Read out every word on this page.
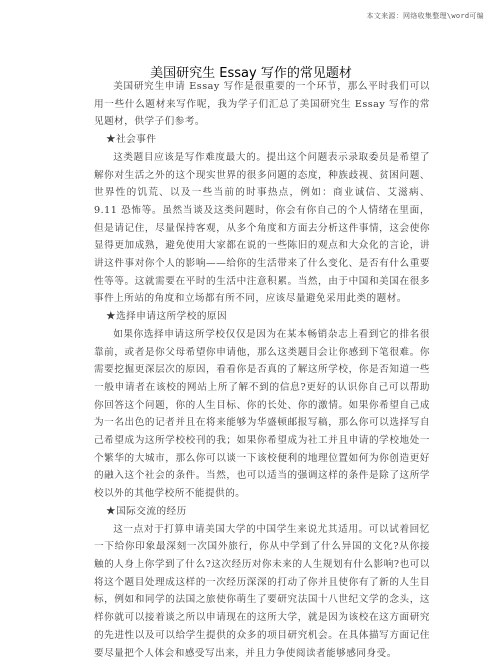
本文来源：网络收集整理\word可编
美国研究生 Essay 写作的常见题材

美国研究生申请 Essay 写作是很重要的一个环节，那么平时我们可以用一些什么题材来写作呢，我为学子们汇总了美国研究生 Essay 写作的常见题材，供学子们参考。

★社会事件

这类题目应该是写作难度最大的。提出这个问题表示录取委员是希望了解你对生活之外的这个现实世界的很多问题的态度，种族歧视、贫困问题、世界性的饥荒、以及一些当前的时事热点，例如：商业诚信、艾滋病、9.11 恐怖等。虽然当谈及这类问题时，你会有你自己的个人情绪在里面，但是请记住，尽量保持客观，从多个角度和方面去分析这件事情，这会使你显得更加成熟，避免使用大家都在说的一些陈旧的观点和大众化的言论，讲讲这件事对你个人的影响——给你的生活带来了什么变化、是否有什么重要性等等。这就需要在平时的生活中注意积累。当然，由于中国和美国在很多事件上所站的角度和立场都有所不同，应该尽量避免采用此类的题材。

★选择申请这所学校的原因

如果你选择申请这所学校仅仅是因为在某本畅销杂志上看到它的排名很靠前，或者是你父母希望你申请他，那么这类题目会让你感到下笔很难。你需要挖掘更深层次的原因，看看你是否真的了解这所学校，你是否知道一些一般申请者在该校的网站上所了解不到的信息?更好的认识你自己可以帮助你回答这个问题，你的人生目标、你的长处、你的激情。如果你希望自己成为一名出色的记者并且在将来能够为华盛顿邮报写稿，那么你可以选择写自己希望成为这所学校校刊的我；如果你希望成为社工并且申请的学校地处一个繁华的大城市，那么你可以谈一下该校便利的地理位置如何为你创造更好的融入这个社会的条件。当然，也可以适当的强调这样的条件是除了这所学校以外的其他学校所不能提供的。

★国际交流的经历

这一点对于打算申请美国大学的中国学生来说尤其适用。可以试着回忆一下给你印象最深刻一次国外旅行，你从中学到了什么异国的文化?从你接触的人身上你学到了什么?这次经历对你未来的人生规划有什么影响?也可以将这个题目处理成这样的一次经历深深的打动了你并且使你有了新的人生目标，例如和同学的法国之旅使你萌生了要研究法国十八世纪文学的念头，这样你就可以接着谈之所以申请现在的这所大学，就是因为该校在这方面研究的先进性以及可以给学生提供的众多的项目研究机会。在具体描写方面记住要尽量把个人体会和感受写出来，并且力争使阅读者能够感同身受。
